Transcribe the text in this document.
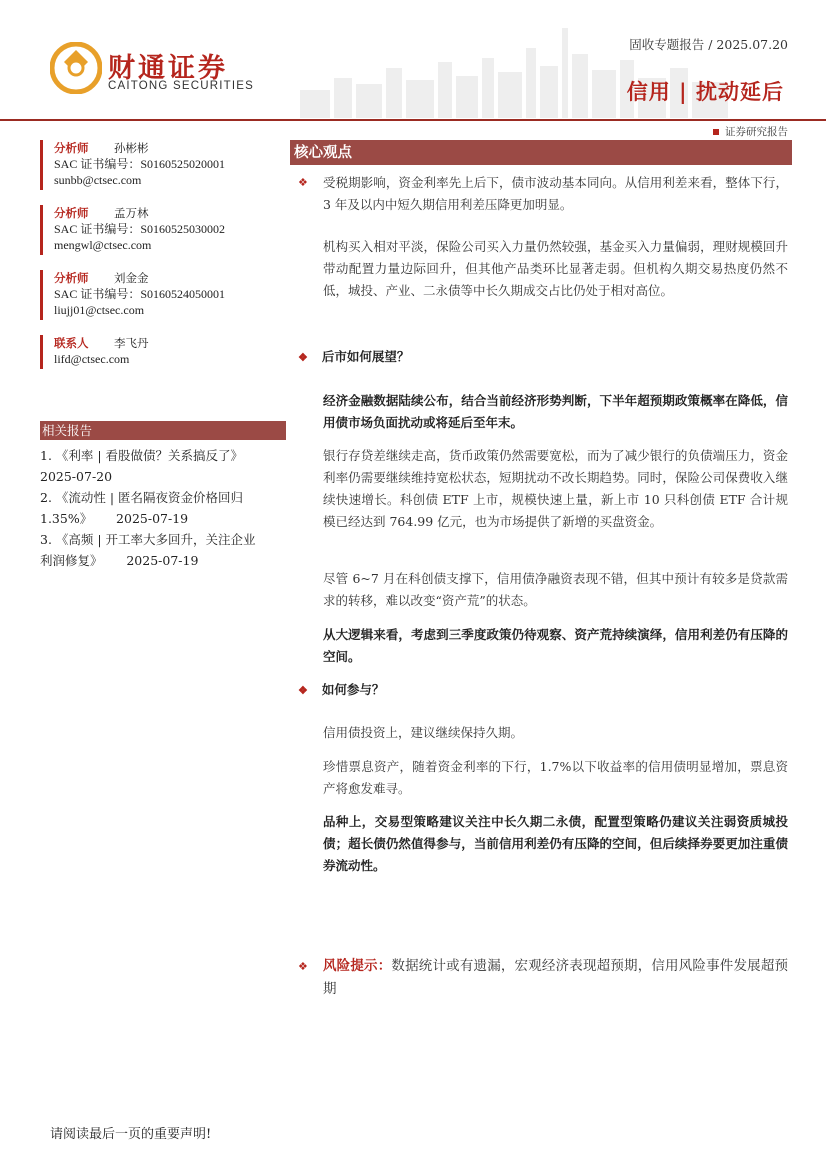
财通证券
CAITONG SECURITIES
固收专题报告 / 2025.07.20
信用 | 扰动延后
证券研究报告
分析师 孙彬彬
SAC 证书编号：S0160525020001
sunbb@ctsec.com
分析师 孟万林
SAC 证书编号：S0160525030002
mengwl@ctsec.com
分析师 刘金金
SAC 证书编号：S0160524050001
liujj01@ctsec.com
联系人 李飞丹
lifd@ctsec.com
相关报告
1. 《利率 | 看股做债？关系搞反了》
2025-07-20
2. 《流动性 | 匿名隔夜资金价格回归
1.35%》      2025-07-19
3. 《高频 | 开工率大多回升，关注企业
利润修复》      2025-07-19
核心观点
❖ 受税期影响，资金利率先上后下，债市波动基本同向。从信用利差来看，整体下行，3 年及以内中短久期信用利差压降更加明显。
机构买入相对平淡，保险公司买入力量仍然较强，基金买入力量偏弱，理财规模回升带动配置力量边际回升，但其他产品类环比显著走弱。但机构久期交易热度仍然不低，城投、产业、二永债等中长久期成交占比仍处于相对高位。
❖ 后市如何展望？
经济金融数据陆续公布，结合当前经济形势判断，下半年超预期政策概率在降低，信用债市场负面扰动或将延后至年末。
银行存贷差继续走高，货币政策仍然需要宽松，而为了减少银行的负债端压力，资金利率仍需要继续维持宽松状态，短期扰动不改长期趋势。同时，保险公司保费收入继续快速增长。科创债 ETF 上市，规模快速上量，新上市 10 只科创债 ETF 合计规模已经达到 764.99 亿元，也为市场提供了新增的买盘资金。
尽管 6~7 月在科创债支撑下，信用债净融资表现不错，但其中预计有较多是贷款需求的转移，难以改变“资产荒”的状态。
从大逻辑来看，考虑到三季度政策仍待观察、资产荒持续演绎，信用利差仍有压降的空间。
❖ 如何参与？
信用债投资上，建议继续保持久期。
珍惜票息资产，随着资金利率的下行，1.7%以下收益率的信用债明显增加，票息资产将愈发难寻。
品种上，交易型策略建议关注中长久期二永债，配置型策略仍建议关注弱资质城投债；超长债仍然值得参与，当前信用利差仍有压降的空间，但后续择券要更加注重债券流动性。
❖ 风险提示：数据统计或有遗漏，宏观经济表现超预期，信用风险事件发展超预期
请阅读最后一页的重要声明!
